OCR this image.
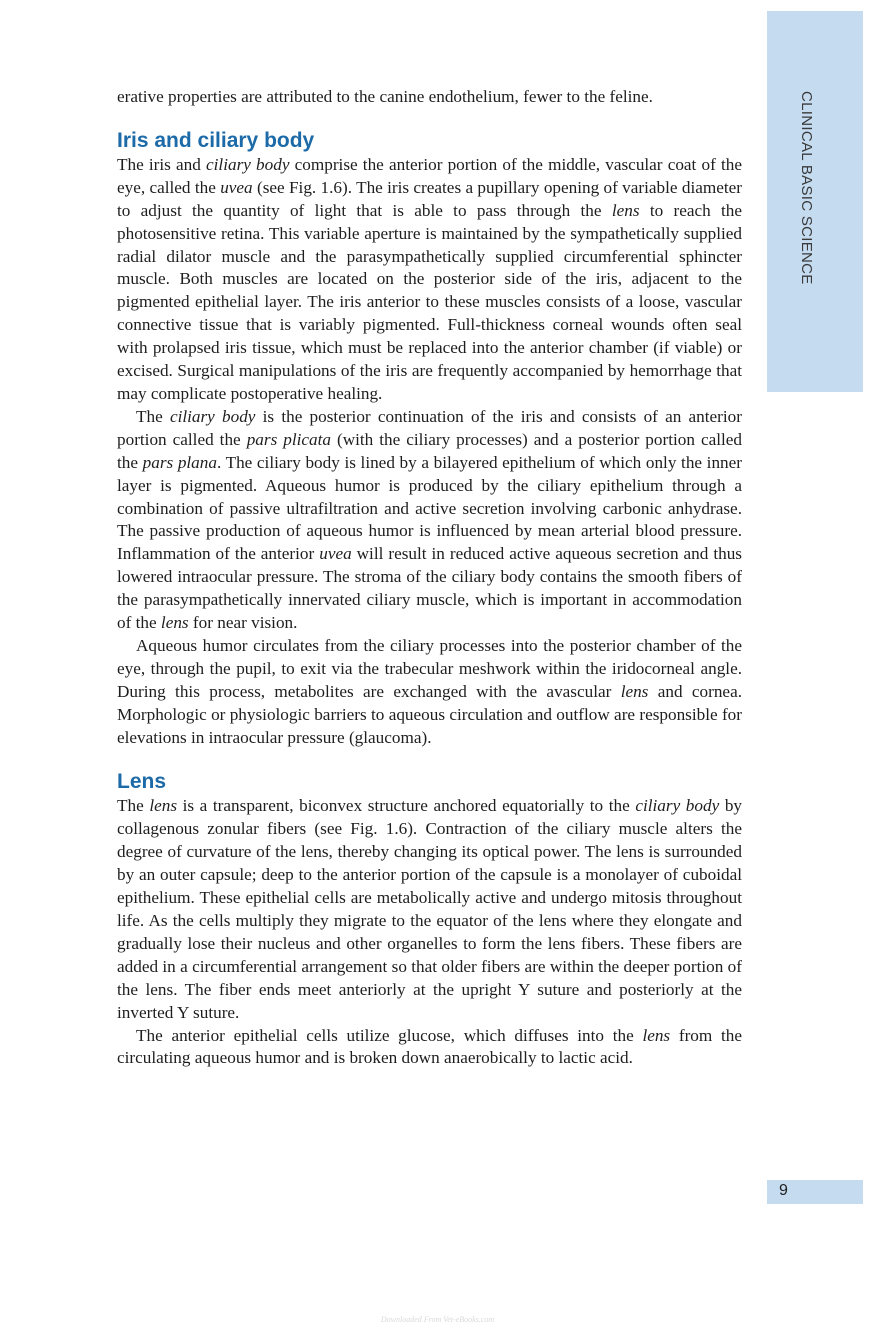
CLINICAL BASIC SCIENCE
9

erative properties are attributed to the canine endothelium, fewer to the feline.

Iris and ciliary body

The iris and ciliary body comprise the anterior portion of the middle, vascular coat of the eye, called the uvea (see Fig. 1.6). The iris creates a pupillary opening of variable diameter to adjust the quantity of light that is able to pass through the lens to reach the photosensitive retina. This variable aperture is maintained by the sympathetically supplied radial dilator muscle and the parasympathetically supplied circumferential sphincter muscle. Both muscles are located on the posterior side of the iris, adjacent to the pigmented epithelial layer. The iris anterior to these muscles consists of a loose, vascular connective tissue that is variably pigmented. Full-thickness corneal wounds often seal with prolapsed iris tissue, which must be replaced into the anterior chamber (if viable) or excised. Surgical manipulations of the iris are frequently accompanied by hemorrhage that may complicate postoperative healing.

The ciliary body is the posterior continuation of the iris and consists of an anterior portion called the pars plicata (with the ciliary processes) and a posterior portion called the pars plana. The ciliary body is lined by a bilayered epithelium of which only the inner layer is pigmented. Aqueous humor is produced by the ciliary epithelium through a combination of passive ultrafiltration and active secretion involving carbonic anhydrase. The passive production of aqueous humor is influenced by mean arterial blood pressure. Inflammation of the anterior uvea will result in reduced active aqueous secretion and thus lowered intraocular pressure. The stroma of the ciliary body contains the smooth fibers of the parasympathetically innervated ciliary muscle, which is important in accommodation of the lens for near vision.

Aqueous humor circulates from the ciliary processes into the posterior chamber of the eye, through the pupil, to exit via the trabecular meshwork within the iridocorneal angle. During this process, metabolites are exchanged with the avascular lens and cornea. Morphologic or physiologic barriers to aqueous circulation and outflow are responsible for elevations in intraocular pressure (glaucoma).

Lens

The lens is a transparent, biconvex structure anchored equatorially to the ciliary body by collagenous zonular fibers (see Fig. 1.6). Contraction of the ciliary muscle alters the degree of curvature of the lens, thereby changing its optical power. The lens is surrounded by an outer capsule; deep to the anterior portion of the capsule is a monolayer of cuboidal epithelium. These epithelial cells are metabolically active and undergo mitosis throughout life. As the cells multiply they migrate to the equator of the lens where they elongate and gradually lose their nucleus and other organelles to form the lens fibers. These fibers are added in a circumferential arrangement so that older fibers are within the deeper portion of the lens. The fiber ends meet anteriorly at the upright Y suture and posteriorly at the inverted Y suture.

The anterior epithelial cells utilize glucose, which diffuses into the lens from the circulating aqueous humor and is broken down anaerobically to lactic acid.

Downloaded From Vet-eBooks.com
